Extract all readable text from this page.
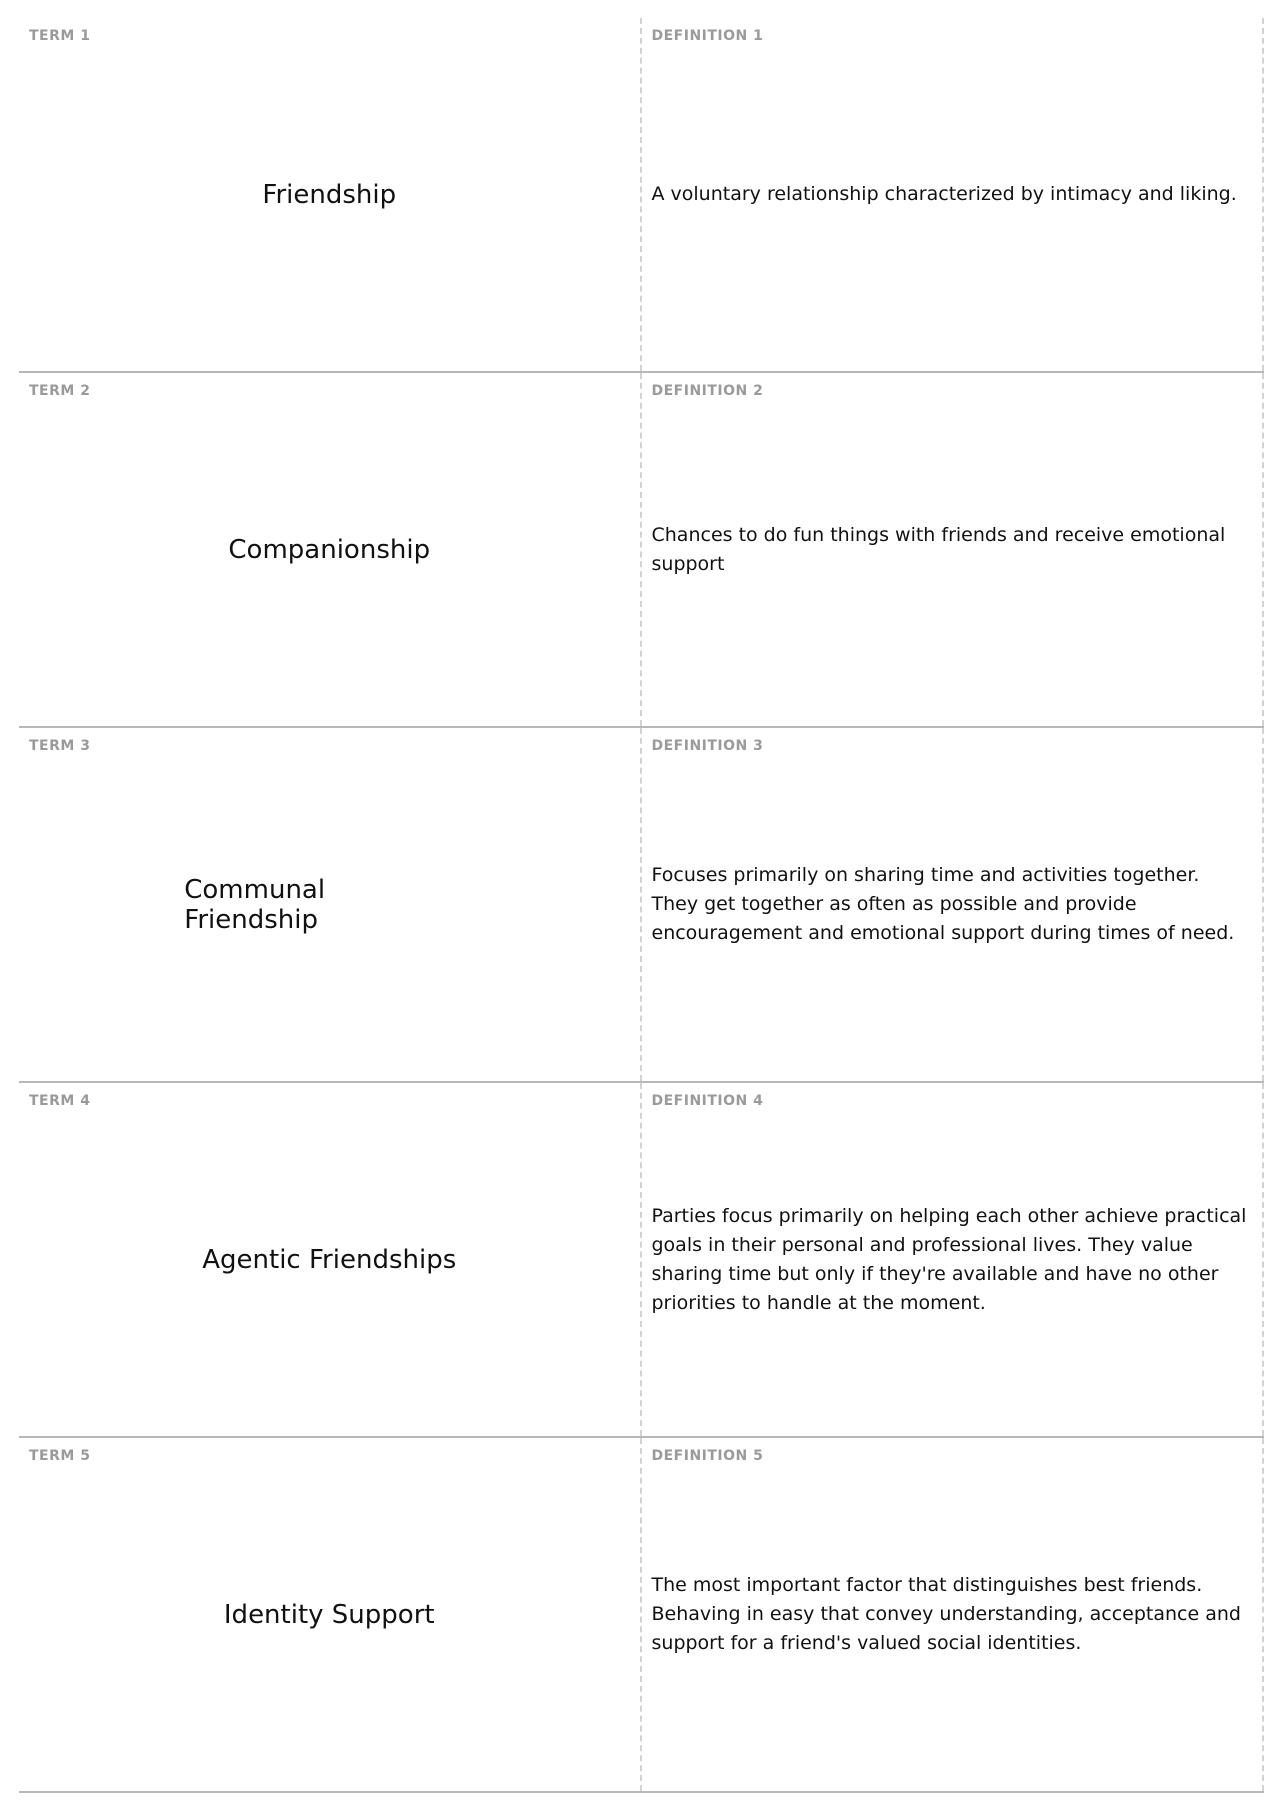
TERM 1
Friendship
DEFINITION 1
A voluntary relationship characterized by intimacy and liking.
TERM 2
Companionship
DEFINITION 2
Chances to do fun things with friends and receive emotional support
TERM 3
Communal Friendship
DEFINITION 3
Focuses primarily on sharing time and activities together. They get together as often as possible and provide encouragement and emotional support during times of need.
TERM 4
Agentic Friendships
DEFINITION 4
Parties focus primarily on helping each other achieve practical goals in their personal and professional lives. They value sharing time but only if they're available and have no other priorities to handle at the moment.
TERM 5
Identity Support
DEFINITION 5
The most important factor that distinguishes best friends. Behaving in easy that convey understanding, acceptance and support for a friend's valued social identities.
